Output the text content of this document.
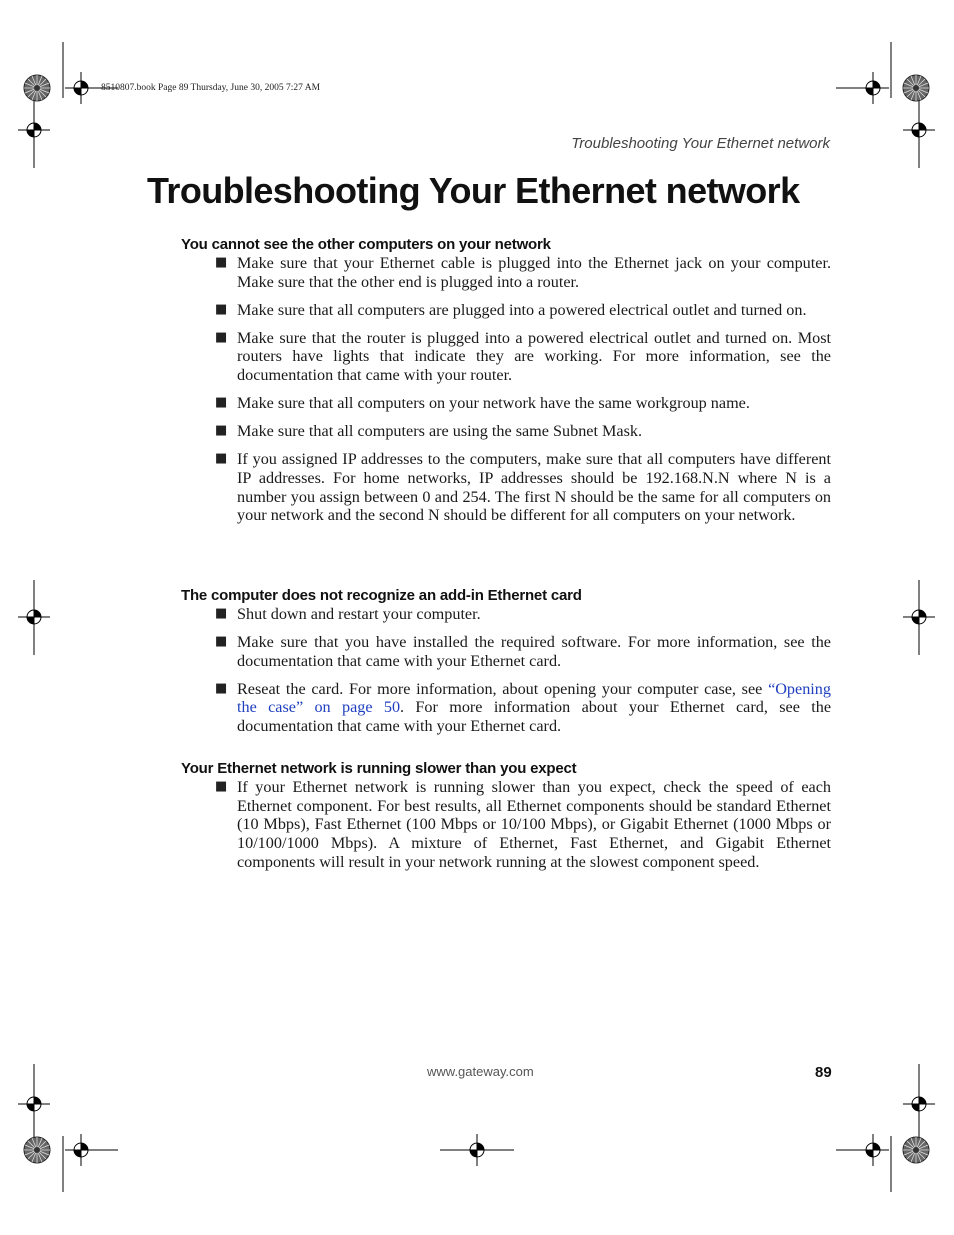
8510807.book Page 89 Thursday, June 30, 2005 7:27 AM
Troubleshooting Your Ethernet network
Troubleshooting Your Ethernet network
You cannot see the other computers on your network
■ Make sure that your Ethernet cable is plugged into the Ethernet jack on your computer. Make sure that the other end is plugged into a router.
■ Make sure that all computers are plugged into a powered electrical outlet and turned on.
■ Make sure that the router is plugged into a powered electrical outlet and turned on. Most routers have lights that indicate they are working. For more information, see the documentation that came with your router.
■ Make sure that all computers on your network have the same workgroup name.
■ Make sure that all computers are using the same Subnet Mask.
■ If you assigned IP addresses to the computers, make sure that all computers have different IP addresses. For home networks, IP addresses should be 192.168.N.N where N is a number you assign between 0 and 254. The first N should be the same for all computers on your network and the second N should be different for all computers on your network.
The computer does not recognize an add-in Ethernet card
■ Shut down and restart your computer.
■ Make sure that you have installed the required software. For more information, see the documentation that came with your Ethernet card.
■ Reseat the card. For more information, about opening your computer case, see “Opening the case” on page 50. For more information about your Ethernet card, see the documentation that came with your Ethernet card.
Your Ethernet network is running slower than you expect
■ If your Ethernet network is running slower than you expect, check the speed of each Ethernet component. For best results, all Ethernet components should be standard Ethernet (10 Mbps), Fast Ethernet (100 Mbps or 10/100 Mbps), or Gigabit Ethernet (1000 Mbps or 10/100/1000 Mbps). A mixture of Ethernet, Fast Ethernet, and Gigabit Ethernet components will result in your network running at the slowest component speed.
www.gateway.com	89
